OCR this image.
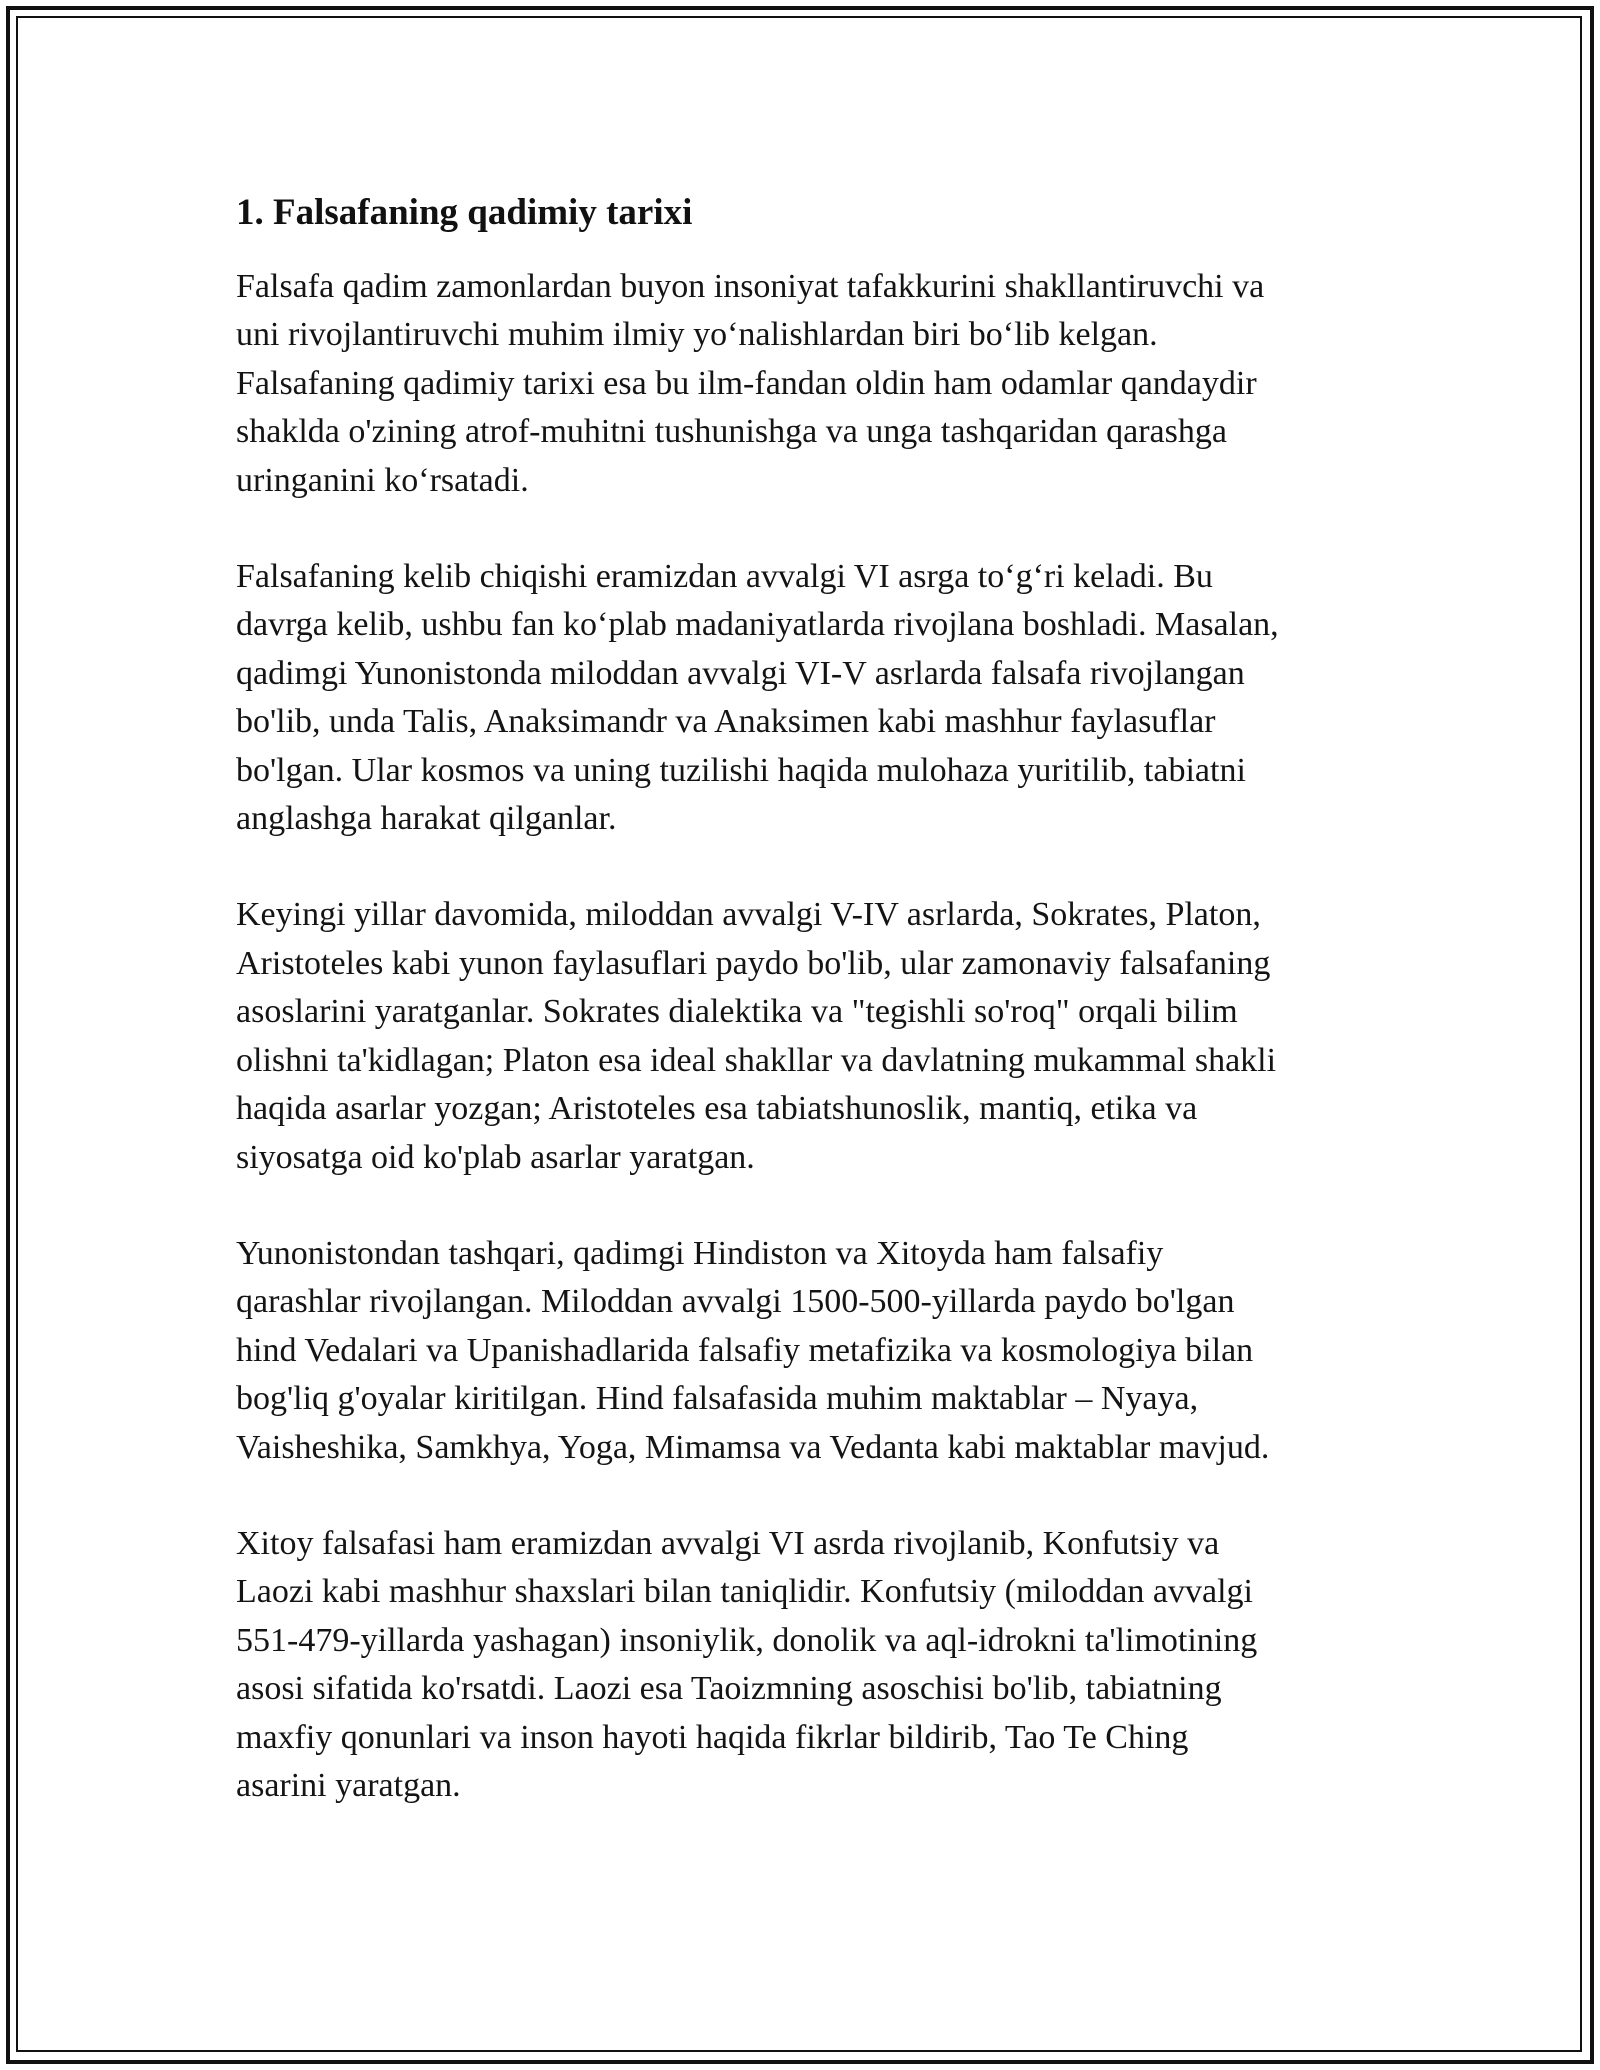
1. Falsafaning qadimiy tarixi

Falsafa qadim zamonlardan buyon insoniyat tafakkurini shakllantiruvchi va
uni rivojlantiruvchi muhim ilmiy yoʻnalishlardan biri boʻlib kelgan.
Falsafaning qadimiy tarixi esa bu ilm-fandan oldin ham odamlar qandaydir
shaklda o'zining atrof-muhitni tushunishga va unga tashqaridan qarashga
uringanini koʻrsatadi.

Falsafaning kelib chiqishi eramizdan avvalgi VI asrga toʻgʻri keladi. Bu
davrga kelib, ushbu fan koʻplab madaniyatlarda rivojlana boshladi. Masalan,
qadimgi Yunonistonda miloddan avvalgi VI-V asrlarda falsafa rivojlangan
bo'lib, unda Talis, Anaksimandr va Anaksimen kabi mashhur faylasuflar
bo'lgan. Ular kosmos va uning tuzilishi haqida mulohaza yuritilib, tabiatni
anglashga harakat qilganlar.

Keyingi yillar davomida, miloddan avvalgi V-IV asrlarda, Sokrates, Platon,
Aristoteles kabi yunon faylasuflari paydo bo'lib, ular zamonaviy falsafaning
asoslarini yaratganlar. Sokrates dialektika va "tegishli so'roq" orqali bilim
olishni ta'kidlagan; Platon esa ideal shakllar va davlatning mukammal shakli
haqida asarlar yozgan; Aristoteles esa tabiatshunoslik, mantiq, etika va
siyosatga oid ko'plab asarlar yaratgan.

Yunonistondan tashqari, qadimgi Hindiston va Xitoyda ham falsafiy
qarashlar rivojlangan. Miloddan avvalgi 1500-500-yillarda paydo bo'lgan
hind Vedalari va Upanishadlarida falsafiy metafizika va kosmologiya bilan
bog'liq g'oyalar kiritilgan. Hind falsafasida muhim maktablar – Nyaya,
Vaisheshika, Samkhya, Yoga, Mimamsa va Vedanta kabi maktablar mavjud.

Xitoy falsafasi ham eramizdan avvalgi VI asrda rivojlanib, Konfutsiy va
Laozi kabi mashhur shaxslari bilan taniqlidir. Konfutsiy (miloddan avvalgi
551-479-yillarda yashagan) insoniylik, donolik va aql-idrokni ta'limotining
asosi sifatida ko'rsatdi. Laozi esa Taoizmning asoschisi bo'lib, tabiatning
maxfiy qonunlari va inson hayoti haqida fikrlar bildirib, Tao Te Ching
asarini yaratgan.
